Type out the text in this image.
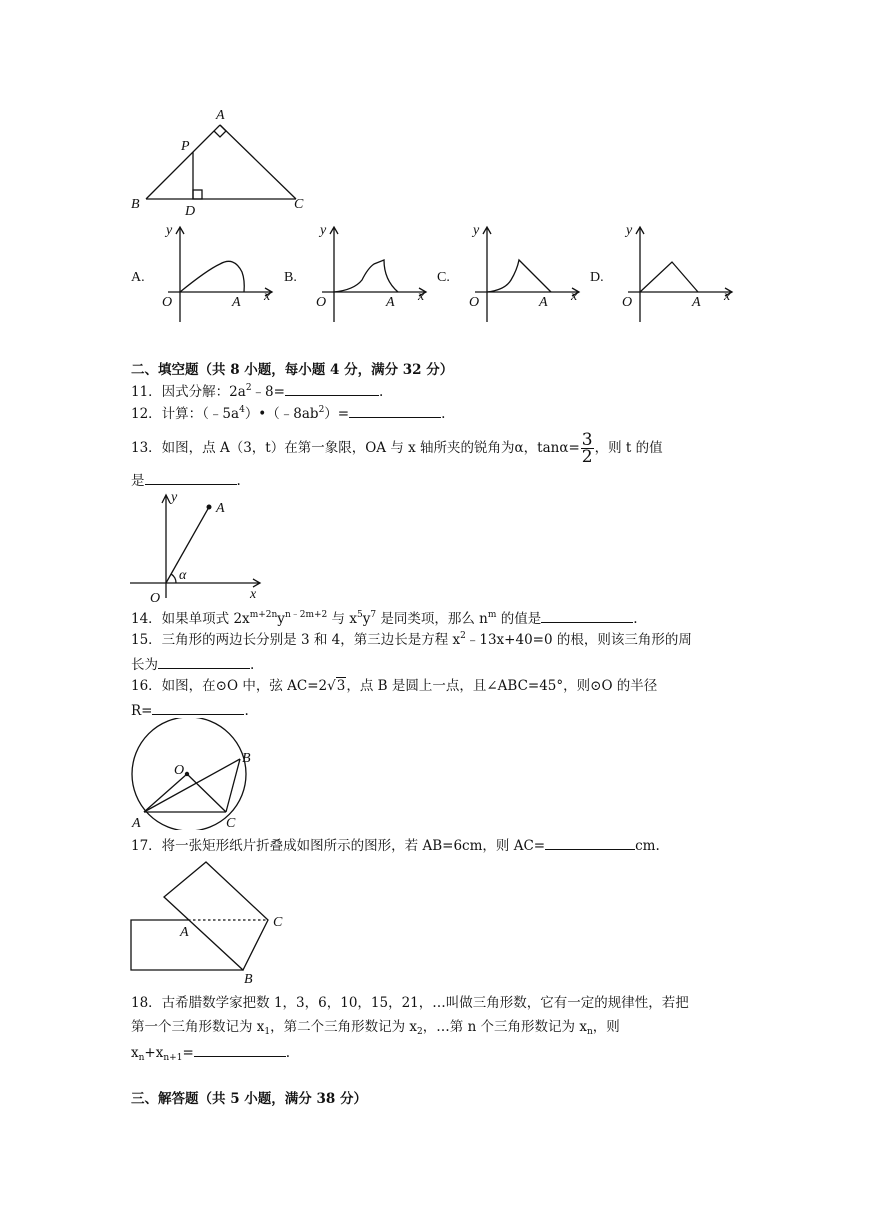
A
P
B	D	C
A.
y
x
O	A
B.
y
x
O	A
C.
y
x
O	A
D.
y
x
O	A
二、填空题（共 8 小题，每小题 4 分，满分 32 分）
11．因式分解：$2a^2﹣8=$	.
12．计算：$(﹣5a^4)•(﹣8ab^2)=$	.
13．如图，点 A（3，t）在第一象限，OA 与 x 轴所夹的锐角为α，$\tan\alpha= \frac{3}{2}$ ，则 t 的值
是	.
y
A
α
O	x
14．如果单项式 $2x^{m+2n}y^{n﹣2m+2}$ 与 $x^5y^7$ 是同类项，那么 $n^m$ 的值是	.
15．三角形的两边长分别是 3 和 4，第三边长是方程 $x^2﹣13x+40=0$ 的根，则该三角形的周
长为	.
16．如图，在⊙O 中，弦 AC=2√3，点 B 是圆上一点，且∠ABC=45°，则⊙O 的半径
R=	.
O
B
A	C
17．将一张矩形纸片折叠成如图所示的图形，若 AB=6cm，则 AC=	cm.
A
C
B
18．古希腊数学家把数 1，3，6，10，15，21，…叫做三角形数，它有一定的规律性，若把
第一个三角形数记为 $x_1$，第二个三角形数记为 $x_2$，…第 n 个三角形数记为 $x_n$，则
$x_n+x_{n+1}=$	.
三、解答题（共 5 小题，满分 38 分）
